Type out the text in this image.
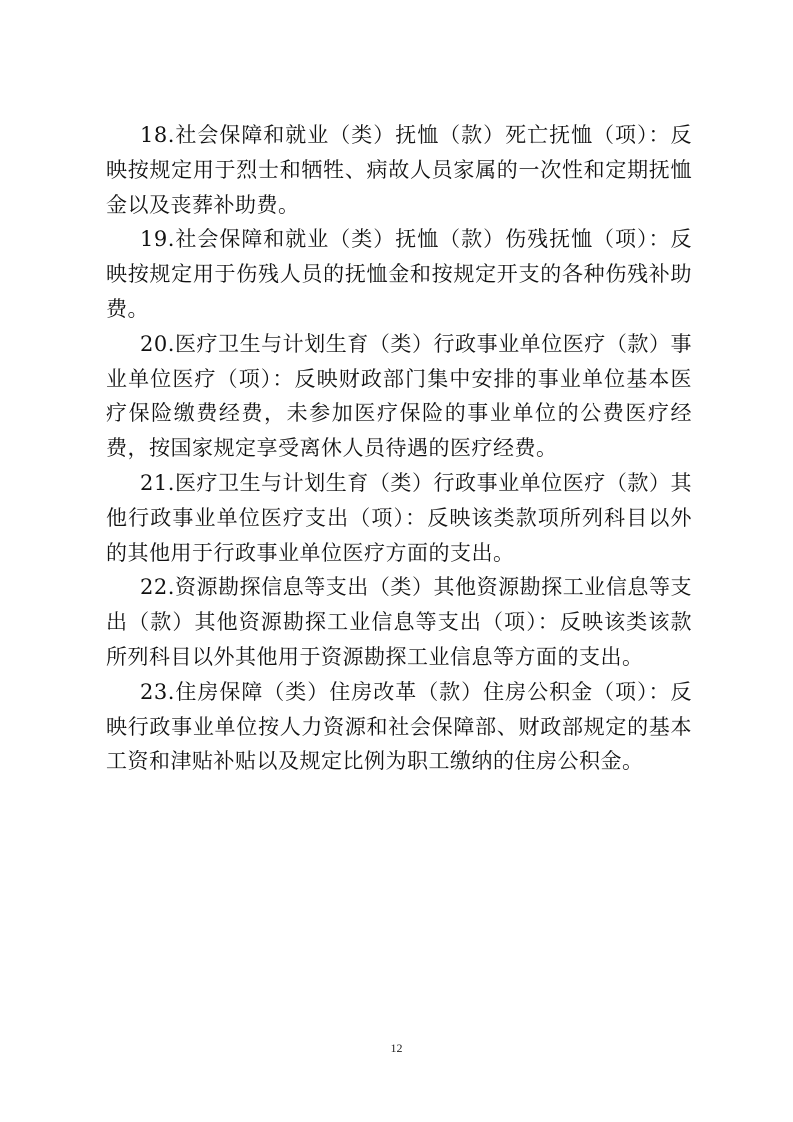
18.社会保障和就业（类）抚恤（款）死亡抚恤（项）：反映按规定用于烈士和牺牲、病故人员家属的一次性和定期抚恤金以及丧葬补助费。

19.社会保障和就业（类）抚恤（款）伤残抚恤（项）：反映按规定用于伤残人员的抚恤金和按规定开支的各种伤残补助费。

20.医疗卫生与计划生育（类）行政事业单位医疗（款）事业单位医疗（项）：反映财政部门集中安排的事业单位基本医疗保险缴费经费，未参加医疗保险的事业单位的公费医疗经费，按国家规定享受离休人员待遇的医疗经费。

21.医疗卫生与计划生育（类）行政事业单位医疗（款）其他行政事业单位医疗支出（项）：反映该类款项所列科目以外的其他用于行政事业单位医疗方面的支出。

22.资源勘探信息等支出（类）其他资源勘探工业信息等支出（款）其他资源勘探工业信息等支出（项）：反映该类该款所列科目以外其他用于资源勘探工业信息等方面的支出。

23.住房保障（类）住房改革（款）住房公积金（项）：反映行政事业单位按人力资源和社会保障部、财政部规定的基本工资和津贴补贴以及规定比例为职工缴纳的住房公积金。

12
